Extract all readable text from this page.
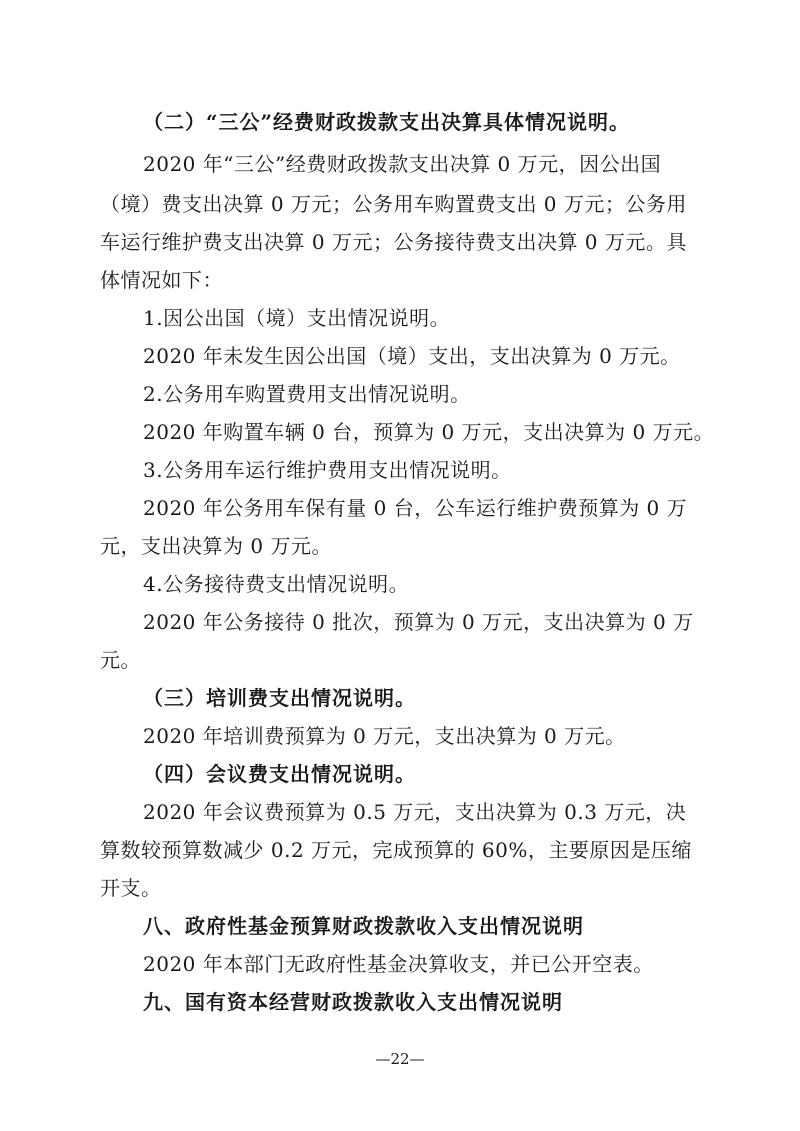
（二）“三公”经费财政拨款支出决算具体情况说明。
2020 年“三公”经费财政拨款支出决算 0 万元，因公出国
（境）费支出决算 0 万元；公务用车购置费支出 0 万元；公务用
车运行维护费支出决算 0 万元；公务接待费支出决算 0 万元。具
体情况如下：
1.因公出国（境）支出情况说明。
2020 年未发生因公出国（境）支出，支出决算为 0 万元。
2.公务用车购置费用支出情况说明。
2020 年购置车辆 0 台，预算为 0 万元，支出决算为 0 万元。
3.公务用车运行维护费用支出情况说明。
2020 年公务用车保有量 0 台，公车运行维护费预算为 0 万
元，支出决算为 0 万元。
4.公务接待费支出情况说明。
2020 年公务接待 0 批次，预算为 0 万元，支出决算为 0 万
元。
（三）培训费支出情况说明。
2020 年培训费预算为 0 万元，支出决算为 0 万元。
（四）会议费支出情况说明。
2020 年会议费预算为 0.5 万元，支出决算为 0.3 万元，决
算数较预算数减少 0.2 万元，完成预算的 60%，主要原因是压缩
开支。
八、政府性基金预算财政拨款收入支出情况说明
2020 年本部门无政府性基金决算收支，并已公开空表。
九、国有资本经营财政拨款收入支出情况说明
—22—
